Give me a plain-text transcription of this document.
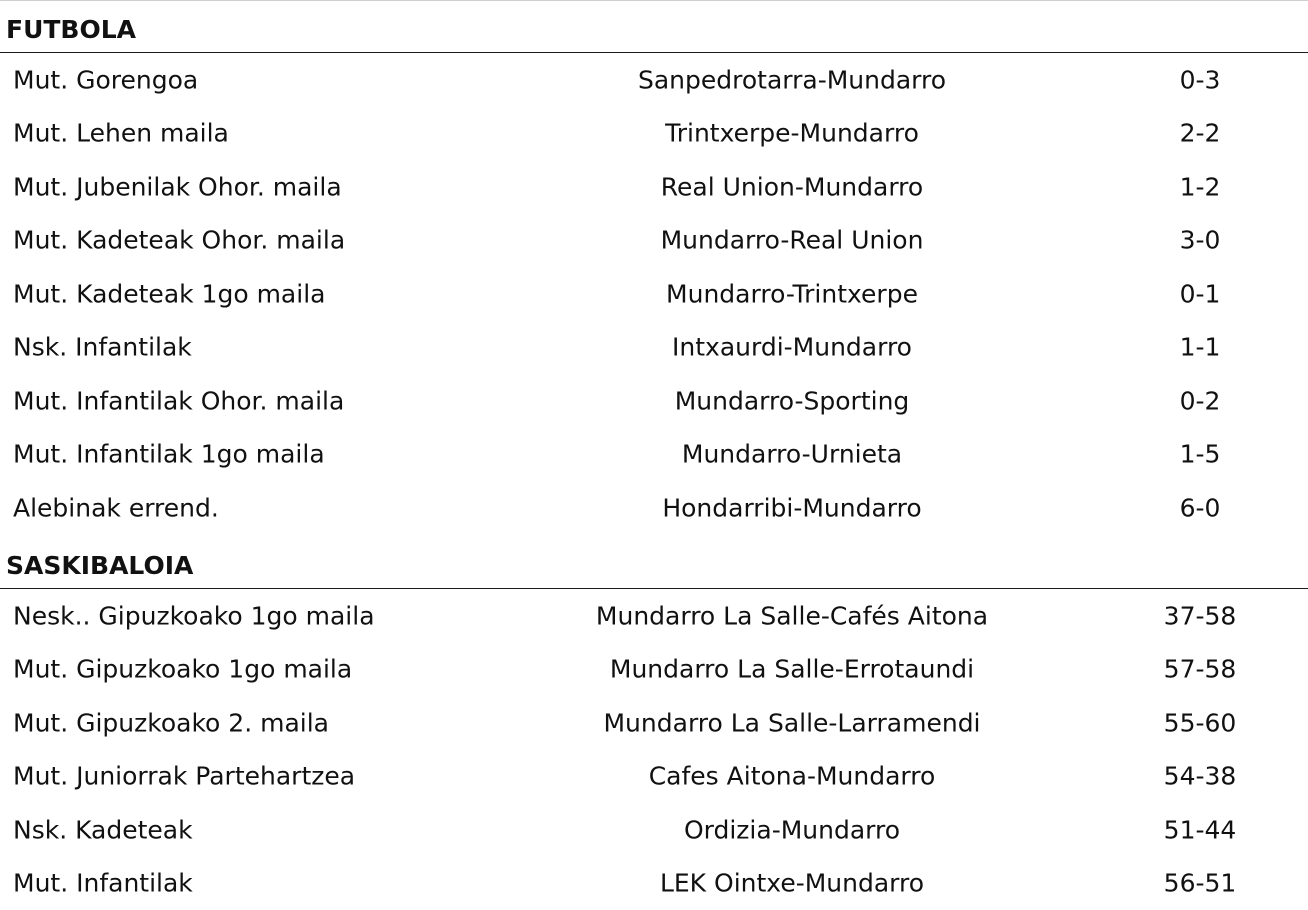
FUTBOLA
Mut. Gorengoa	Sanpedrotarra-Mundarro	0-3
Mut. Lehen maila	Trintxerpe-Mundarro	2-2
Mut. Jubenilak Ohor. maila	Real Union-Mundarro	1-2
Mut. Kadeteak Ohor. maila	Mundarro-Real Union	3-0
Mut. Kadeteak 1go maila	Mundarro-Trintxerpe	0-1
Nsk. Infantilak	Intxaurdi-Mundarro	1-1
Mut. Infantilak Ohor. maila	Mundarro-Sporting	0-2
Mut. Infantilak 1go maila	Mundarro-Urnieta	1-5
Alebinak errend.	Hondarribi-Mundarro	6-0
SASKIBALOIA
Nesk.. Gipuzkoako 1go maila	Mundarro La Salle-Cafés Aitona	37-58
Mut. Gipuzkoako 1go maila	Mundarro La Salle-Errotaundi	57-58
Mut. Gipuzkoako 2. maila	Mundarro La Salle-Larramendi	55-60
Mut. Juniorrak Partehartzea	Cafes Aitona-Mundarro	54-38
Nsk. Kadeteak	Ordizia-Mundarro	51-44
Mut. Infantilak	LEK Ointxe-Mundarro	56-51
